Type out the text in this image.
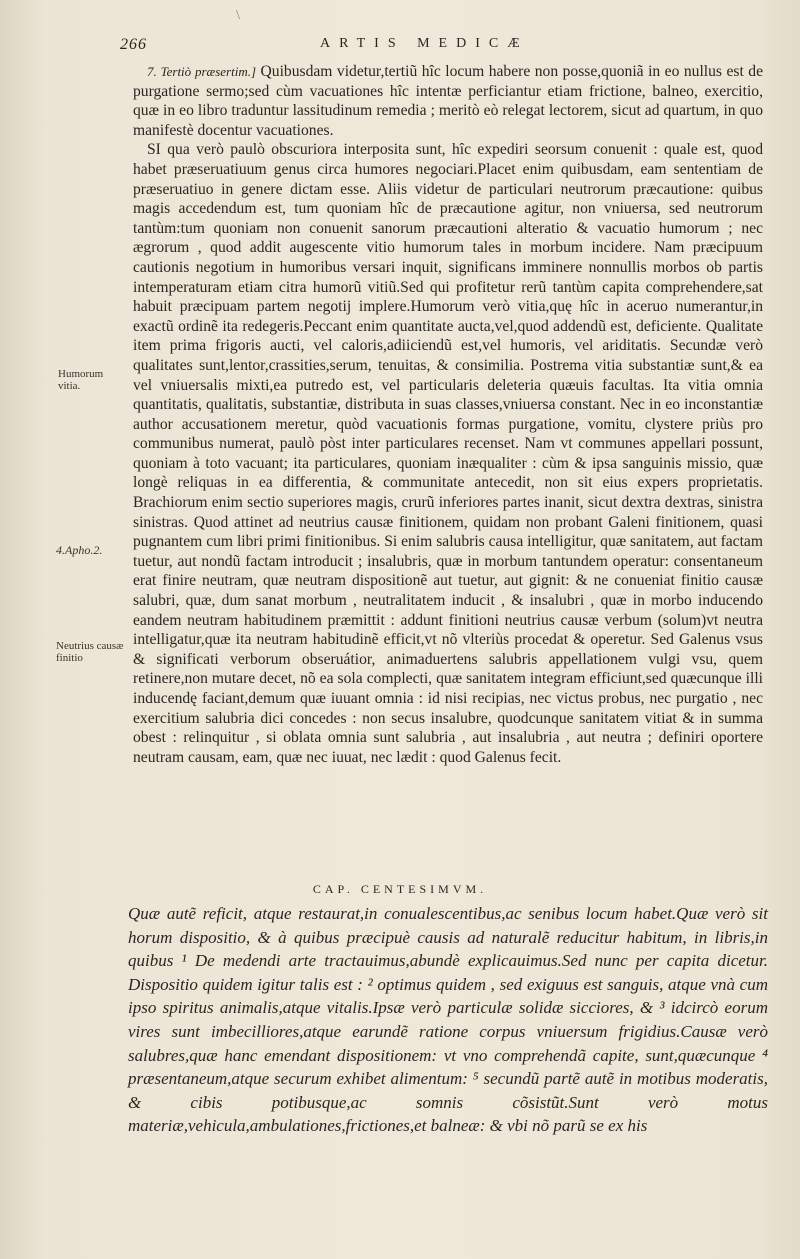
\
266	ARTIS MEDICÆ

7. Tertiò præsertim.] Quibusdam videtur,tertiũ hîc locum habere non posse,quoniã in eo nullus est de purgatione sermo;sed cùm vacuationes hîc intentæ perficiantur etiam frictione, balneo, exercitio, quæ in eo libro traduntur lassitudinum remedia ; meritò eò relegat lectorem, sicut ad quartum, in quo manifestè docentur vacuationes.

SI qua verò paulò obscuriora interposita sunt, hîc expediri seorsum conuenit : quale est, quod habet præseruatiuum genus circa humores negociari.Placet enim quibusdam, eam sententiam de præseruatiuo in genere dictam esse. Aliis videtur de particulari neutrorum præcautione: quibus magis accedendum est, tum quoniam hîc de præcautione agitur, non vniuersa, sed neutrorum tantùm:tum quoniam non conuenit sanorum præcautioni alteratio & vacuatio humorum ; nec ægrorum , quod addit augescente vitio humorum tales in morbum incidere. Nam præcipuum cautionis negotium in humoribus versari inquit, significans imminere nonnullis morbos ob partis intemperaturam etiam citra humorũ vitiũ.Sed qui profitetur rerũ tantùm capita comprehendere,sat habuit præcipuam partem negotij implere.Humorum verò vitia,quę hîc in aceruo numerantur,in exactũ ordinẽ ita redegeris.Peccant enim quantitate aucta,vel,quod addendũ est, deficiente. Qualitate item prima frigoris aucti, vel caloris,adiiciendũ est,vel humoris, vel ariditatis. Secundæ verò qualitates sunt,lentor,crassities,serum, tenuitas, & consimilia. Postrema vitia substantiæ sunt,& ea vel vniuersalis mixti,ea putredo est, vel particularis deleteria quæuis facultas. Ita vitia omnia quantitatis, qualitatis, substantiæ, distributa in suas classes,vniuersa constant. Nec in eo inconstantiæ author accusationem meretur, quòd vacuationis formas purgatione, vomitu, clystere priùs pro communibus numerat, paulò pòst inter particulares recenset. Nam vt communes appellari possunt, quoniam à toto vacuant; ita particulares, quoniam inæqualiter : cùm & ipsa sanguinis missio, quæ longè reliquas in ea differentia, & communitate antecedit, non sit eius expers proprietatis. Brachiorum enim sectio superiores magis, crurũ inferiores partes inanit, sicut dextra dextras, sinistra sinistras. Quod attinet ad neutrius causæ finitionem, quidam non probant Galeni finitionem, quasi pugnantem cum libri primi finitionibus. Si enim salubris causa intelligitur, quæ sanitatem, aut factam tuetur, aut nondũ factam introducit ; insalubris, quæ in morbum tantundem operatur: consentaneum erat finire neutram, quæ neutram dispositionẽ aut tuetur, aut gignit: & ne conueniat finitio causæ salubri, quæ, dum sanat morbum , neutralitatem inducit , & insalubri , quæ in morbo inducendo eandem neutram habitudinem præmittit : addunt finitioni neutrius causæ verbum (solum)vt neutra intelligatur,quæ ita neutram habitudinẽ efficit,vt nõ vlteriùs procedat & operetur. Sed Galenus vsus & significati verborum obseruátior, animaduertens salubris appellationem vulgi vsu, quem retinere,non mutare decet, nõ ea sola complecti, quæ sanitatem integram efficiunt,sed quæcunque illi inducendę faciant,demum quæ iuuant omnia : id nisi recipias, nec victus probus, nec purgatio , nec exercitium salubria dici concedes : non secus insalubre, quodcunque sanitatem vitiat & in summa obest : relinquitur , si oblata omnia sunt salubria , aut insalubria , aut neutra ; definiri oportere neutram causam, eam, quæ nec iuuat, nec lædit : quod Galenus fecit.

Humorum vitia.
4.Apho.2.
Neutrius causæ finitio
CAP. CENTESIMVM.

Quæ autẽ reficit, atque restaurat,in conualescentibus,ac senibus locum habet.Quæ verò sit horum dispositio, & à quibus præcipuè causis ad naturalẽ reducitur habitum, in libris,in quibus ¹ De medendi arte tractauimus,abundè explicauimus.Sed nunc per capita dicetur. Dispositio quidem igitur talis est : ² optimus quidem , sed exiguus est sanguis, atque vnà cum ipso spiritus animalis,atque vitalis.Ipsæ verò particulæ solidæ sicciores, & ³ idcircò eorum vires sunt imbecilliores,atque earundẽ ratione corpus vniuersum frigidius.Causæ verò salubres,quæ hanc emendant dispositionem: vt vno comprehendã capite, sunt,quæcunque ⁴ præsentaneum,atque securum exhibet alimentum: ⁵ secundũ partẽ autẽ in motibus moderatis, & cibis potibusque,ac somnis cõsistũt.Sunt verò motus materiæ,vehicula,ambulationes,frictiones,et balneæ: & vbi nõ parũ se ex his
